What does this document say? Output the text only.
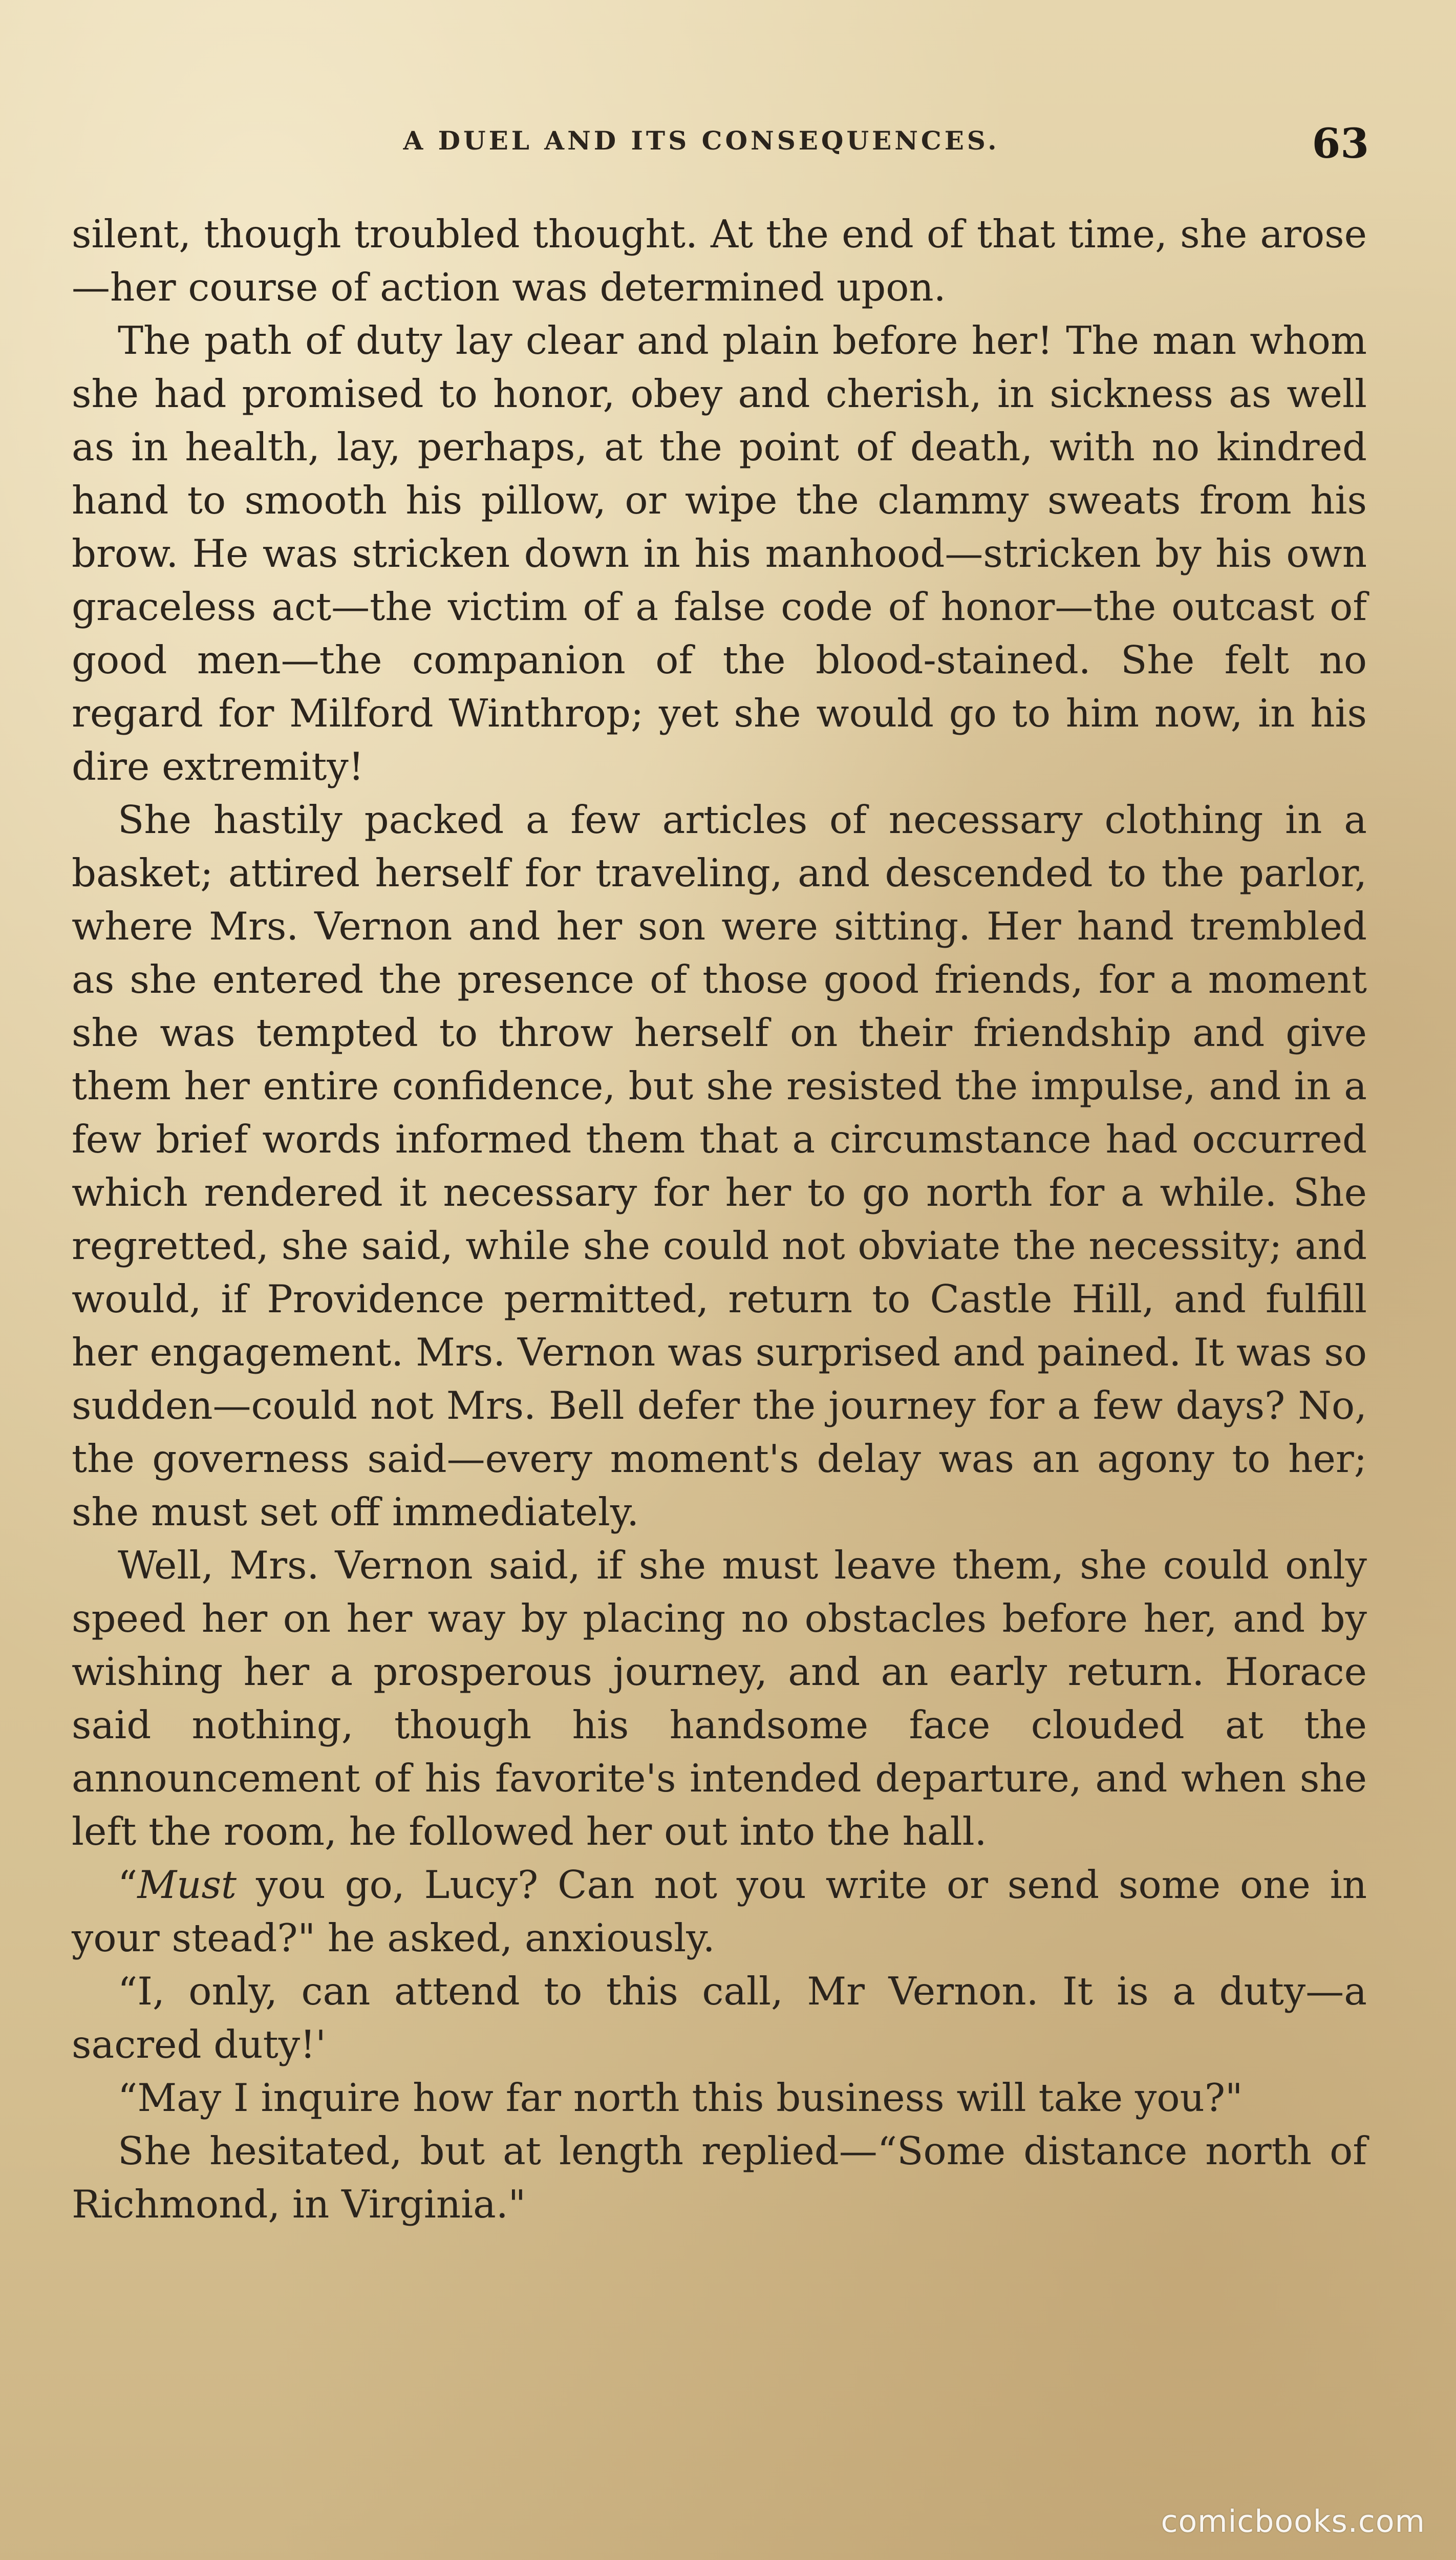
A DUEL AND ITS CONSEQUENCES.	63

silent, though troubled thought. At the end of that time, she arose—her course of action was determined upon.

The path of duty lay clear and plain before her! The man whom she had promised to honor, obey and cherish, in sickness as well as in health, lay, perhaps, at the point of death, with no kindred hand to smooth his pillow, or wipe the clammy sweats from his brow. He was stricken down in his manhood—stricken by his own graceless act—the victim of a false code of honor—the outcast of good men—the companion of the blood-stained. She felt no regard for Milford Winthrop; yet she would go to him now, in his dire extremity!

She hastily packed a few articles of necessary clothing in a basket; attired herself for traveling, and descended to the parlor, where Mrs. Vernon and her son were sitting. Her hand trembled as she entered the presence of those good friends, for a moment she was tempted to throw herself on their friendship and give them her entire confidence, but she resisted the impulse, and in a few brief words informed them that a circumstance had occurred which rendered it necessary for her to go north for a while. She regretted, she said, while she could not obviate the necessity; and would, if Providence permitted, return to Castle Hill, and fulfill her engagement. Mrs. Vernon was surprised and pained. It was so sudden—could not Mrs. Bell defer the journey for a few days? No, the governess said—every moment's delay was an agony to her; she must set off immediately.

Well, Mrs. Vernon said, if she must leave them, she could only speed her on her way by placing no obstacles before her, and by wishing her a prosperous journey, and an early return. Horace said nothing, though his handsome face clouded at the announcement of his favorite's intended departure, and when she left the room, he followed her out into the hall.

“Must you go, Lucy? Can not you write or send some one in your stead?" he asked, anxiously.

“I, only, can attend to this call, Mr Vernon. It is a duty—a sacred duty!'

“May I inquire how far north this business will take you?"

She hesitated, but at length replied—“Some distance north of Richmond, in Virginia."

comicbooks.com
